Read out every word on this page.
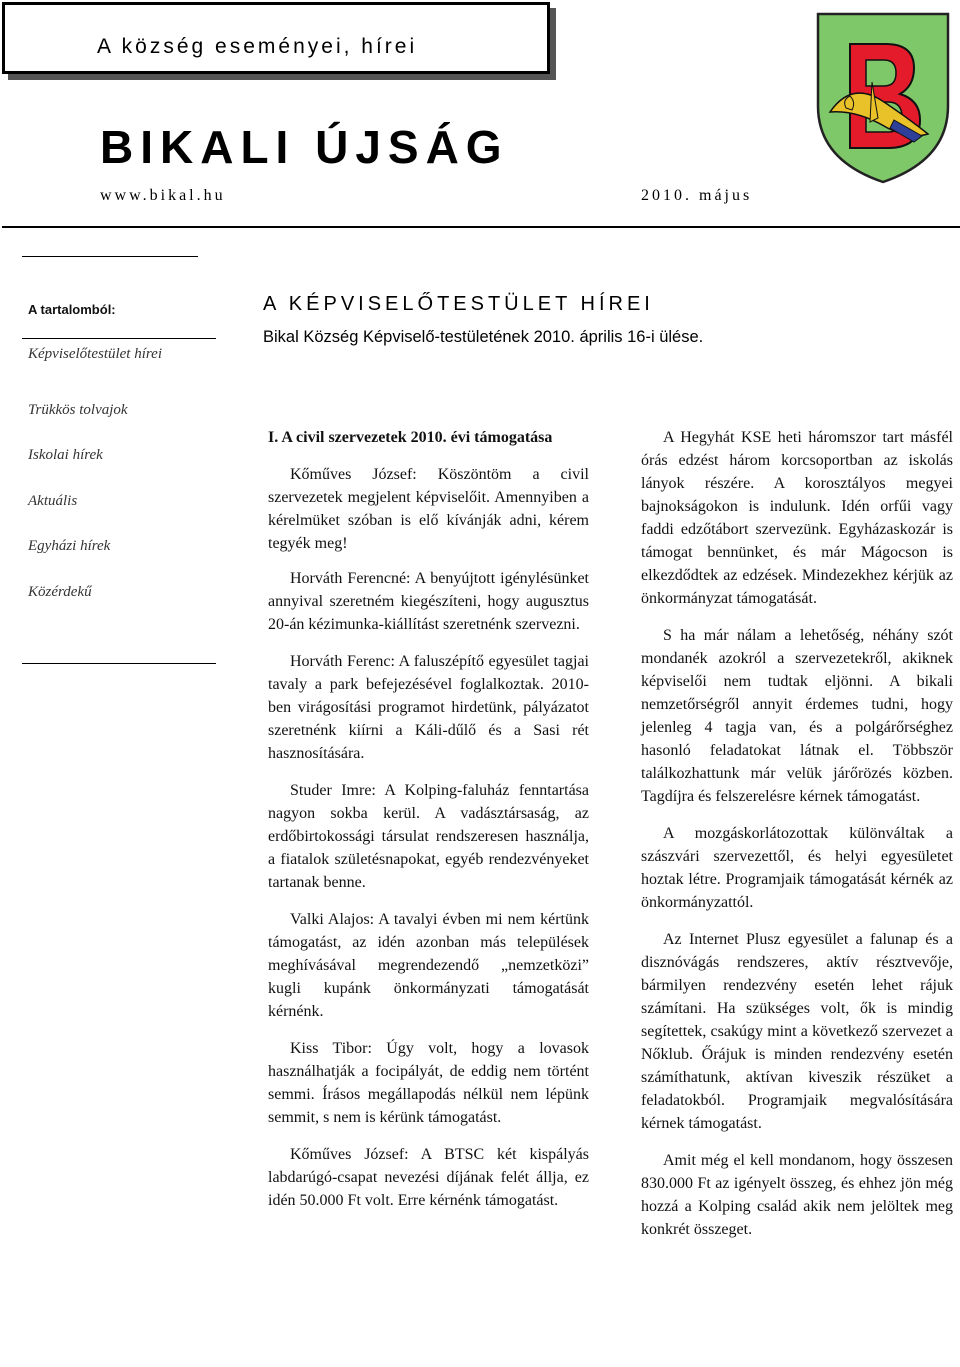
A község eseményei, hírei
BIKALI ÚJSÁG
www.bikal.hu	2010. május
A tartalomból:
Képviselőtestület hírei
Trükkös tolvajok
Iskolai hírek
Aktuális
Egyházi hírek
Közérdekű
A KÉPVISELŐTESTÜLET HÍREI
Bikal Község Képviselő-testületének 2010. április 16-i ülése.
I. A civil szervezetek 2010. évi támogatása

Kőműves József: Köszöntöm a civil szervezetek megjelent képviselőit. Amennyiben a kérelmüket szóban is elő kívánják adni, kérem tegyék meg!

Horváth Ferencné: A benyújtott igénylésünket annyival szeretném kiegészíteni, hogy augusztus 20-án kézimunka-kiállítást szeretnénk szervezni.

Horváth Ferenc: A faluszépítő egyesület tagjai tavaly a park befejezésével foglalkoztak. 2010-ben virágosítási programot hirdetünk, pályázatot szeretnénk kiírni a Káli-dűlő és a Sasi rét hasznosítására.

Studer Imre: A Kolping-faluház fenntartása nagyon sokba kerül. A vadásztársaság, az erdőbirtokossági társulat rendszeresen használja, a fiatalok születésnapokat, egyéb rendezvényeket tartanak benne.

Valki Alajos: A tavalyi évben mi nem kértünk támogatást, az idén azonban más települések meghívásával megrendezendő „nemzetközi” kugli kupánk önkormányzati támogatását kérnénk.

Kiss Tibor: Úgy volt, hogy a lovasok használhatják a focipályát, de eddig nem történt semmi. Írásos megállapodás nélkül nem lépünk semmit, s nem is kérünk támogatást.

Kőműves József: A BTSC két kispályás labdarúgó-csapat nevezési díjának felét állja, ez idén 50.000 Ft volt. Erre kérnénk támogatást.

A Hegyhát KSE heti háromszor tart másfél órás edzést három korcsoportban az iskolás lányok részére. A korosztályos megyei bajnokságokon is indulunk. Idén orfűi vagy faddi edzőtábort szervezünk. Egyházaskozár is támogat bennünket, és már Mágocson is elkezdődtek az edzések. Mindezekhez kérjük az önkormányzat támogatását.

S ha már nálam a lehetőség, néhány szót mondanék azokról a szervezetekről, akiknek képviselői nem tudtak eljönni. A bikali nemzetőrségről annyit érdemes tudni, hogy jelenleg 4 tagja van, és a polgárőrséghez hasonló feladatokat látnak el. Többször találkozhattunk már velük járőrözés közben. Tagdíjra és felszerelésre kérnek támogatást.

A mozgáskorlátozottak különváltak a szászvári szervezettől, és helyi egyesületet hoztak létre. Programjaik támogatását kérnék az önkormányzattól.

Az Internet Plusz egyesület a falunap és a disznóvágás rendszeres, aktív résztvevője, bármilyen rendezvény esetén lehet rájuk számítani. Ha szükséges volt, ők is mindig segítettek, csakúgy mint a következő szervezet a Nőklub. Őrájuk is minden rendezvény esetén számíthatunk, aktívan kiveszik részüket a feladatokból. Programjaik megvalósítására kérnek támogatást.

Amit még el kell mondanom, hogy összesen 830.000 Ft az igényelt összeg, és ehhez jön még hozzá a Kolping család akik nem jelöltek meg konkrét összeget.
